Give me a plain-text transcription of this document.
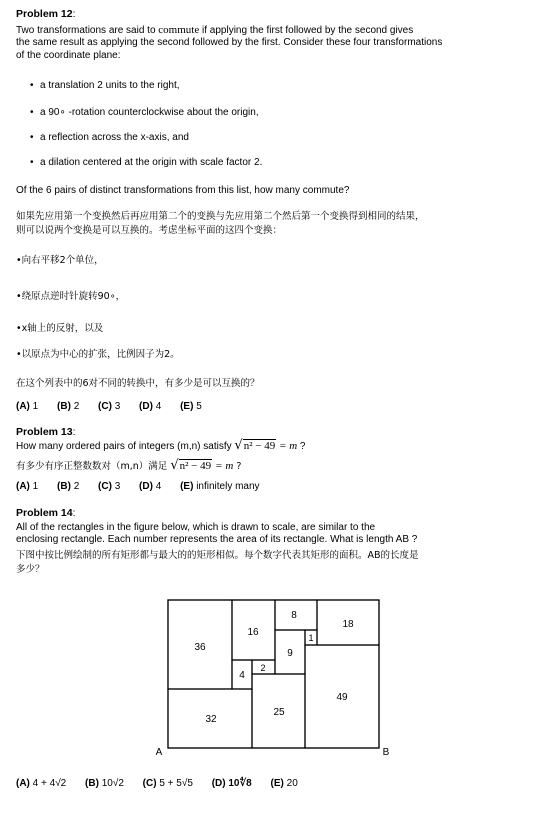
Problem 12:
Two transformations are said to commute if applying the first followed by the second gives
the same result as applying the second followed by the first. Consider these four transformations
of the coordinate plane:
• a translation 2 units to the right,
• a 90∘ -rotation counterclockwise about the origin,
• a reflection across the x-axis, and
• a dilation centered at the origin with scale factor 2.
Of the 6 pairs of distinct transformations from this list, how many commute?
如果先应用第一个变换然后再应用第二个的变换与先应用第二个然后第一个变换得到相同的结果，
则可以说两个变换是可以互换的。考虑坐标平面的这四个变换：
•向右平移2个单位，
•绕原点逆时针旋转90∘，
•x轴上的反射，以及
•以原点为中心的扩张，比例因子为2。
在这个列表中的6对不同的转换中，有多少是可以互换的？
(A) 1 (B) 2 (C) 3 (D) 4 (E) 5
Problem 13:
How many ordered pairs of integers (m,n) satisfy √n² − 49 = m ?
有多少有序正整数数对（m,n）满足 √n² − 49 = m ?
(A) 1 (B) 2 (C) 3 (D) 4 (E) infinitely many
Problem 14:
All of the rectangles in the figure below, which is drawn to scale, are similar to the
enclosing rectangle. Each number represents the area of its rectangle. What is length AB ?
下图中按比例绘制的所有矩形都与最大的的矩形相似。每个数字代表其矩形的面积。AB的长度是
多少？
36
16
8
18
1
9
2
4
49
25
32
A	B
(A) 4 + 4√2 (B) 10√2 (C) 5 + 5√5 (D) 10∜8 (E) 20
